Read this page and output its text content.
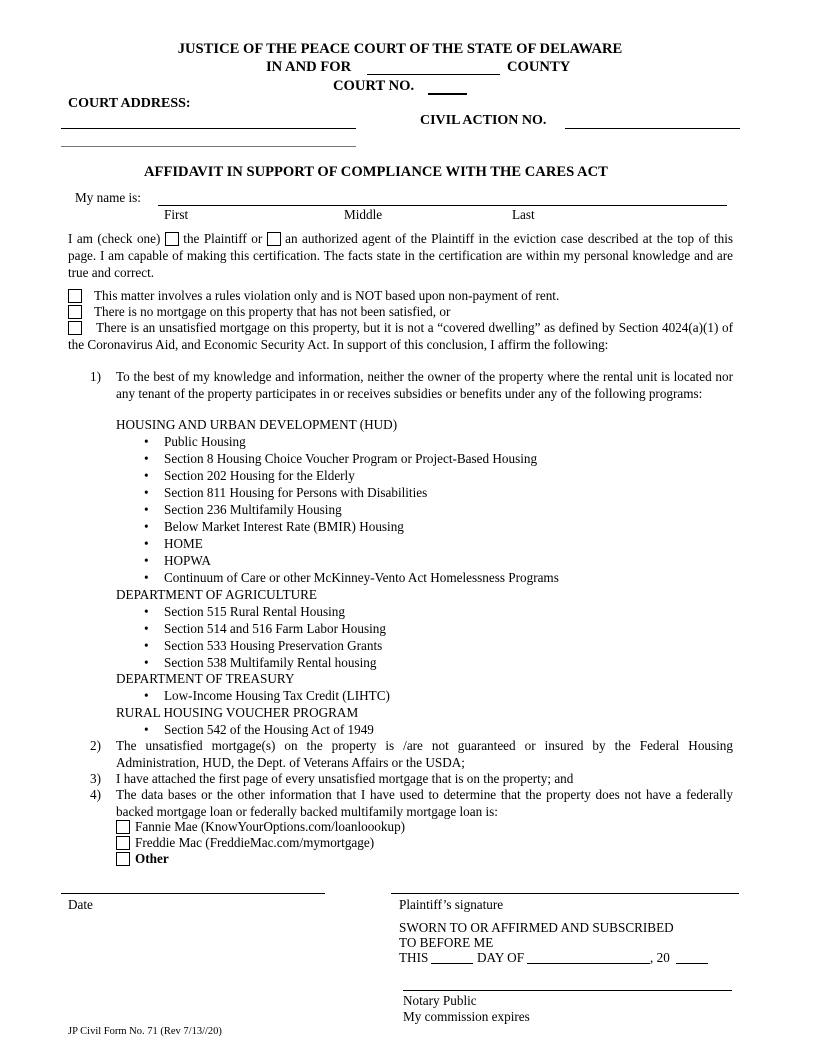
JUSTICE OF THE PEACE COURT OF THE STATE OF DELAWARE
IN AND FOR	COUNTY
COURT NO.
COURT ADDRESS:
CIVIL ACTION NO.
AFFIDAVIT IN SUPPORT OF COMPLIANCE WITH THE CARES ACT
My name is:
First	Middle	Last
I am (check one) the Plaintiff or an authorized agent of the Plaintiff in the eviction case described at the top of this page. I am capable of making this certification. The facts state in the certification are within my personal knowledge and are true and correct.
This matter involves a rules violation only and is NOT based upon non-payment of rent.
There is no mortgage on this property that has not been satisfied, or
There is an unsatisfied mortgage on this property, but it is not a “covered dwelling” as defined by Section 4024(a)(1) of the Coronavirus Aid, and Economic Security Act. In support of this conclusion, I affirm the following:
1) To the best of my knowledge and information, neither the owner of the property where the rental unit is located nor any tenant of the property participates in or receives subsidies or benefits under any of the following programs:
HOUSING AND URBAN DEVELOPMENT (HUD)
• Public Housing
• Section 8 Housing Choice Voucher Program or Project-Based Housing
• Section 202 Housing for the Elderly
• Section 811 Housing for Persons with Disabilities
• Section 236 Multifamily Housing
• Below Market Interest Rate (BMIR) Housing
• HOME
• HOPWA
• Continuum of Care or other McKinney-Vento Act Homelessness Programs
DEPARTMENT OF AGRICULTURE
• Section 515 Rural Rental Housing
• Section 514 and 516 Farm Labor Housing
• Section 533 Housing Preservation Grants
• Section 538 Multifamily Rental housing
DEPARTMENT OF TREASURY
• Low-Income Housing Tax Credit (LIHTC)
RURAL HOUSING VOUCHER PROGRAM
• Section 542 of the Housing Act of 1949
2) The unsatisfied mortgage(s) on the property is /are not guaranteed or insured by the Federal Housing Administration, HUD, the Dept. of Veterans Affairs or the USDA;
3) I have attached the first page of every unsatisfied mortgage that is on the property; and
4) The data bases or the other information that I have used to determine that the property does not have a federally backed mortgage loan or federally backed multifamily mortgage loan is:
Fannie Mae (KnowYourOptions.com/loanloookup)
Freddie Mac (FreddieMac.com/mymortgage)
Other
Date	Plaintiff’s signature
SWORN TO OR AFFIRMED AND SUBSCRIBED
TO BEFORE ME
THIS	DAY OF	, 20
Notary Public
My commission expires
JP Civil Form No. 71 (Rev 7/13//20)
